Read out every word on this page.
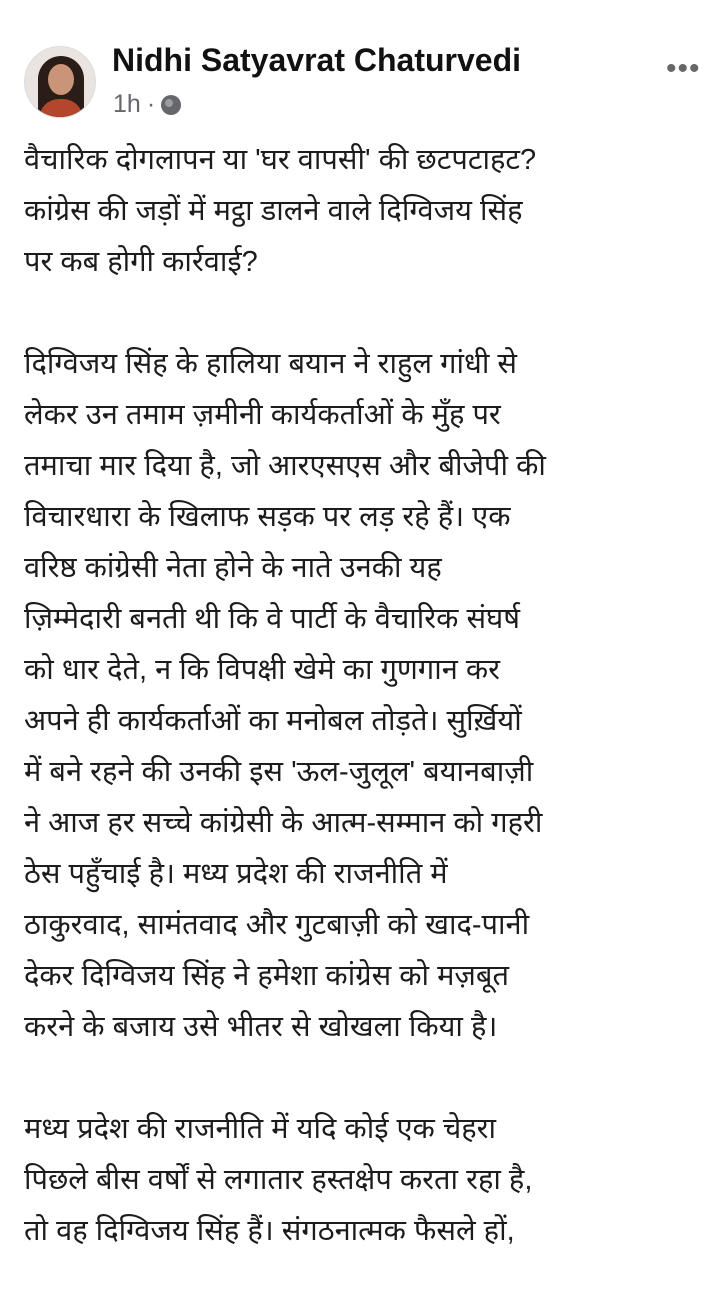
Nidhi Satyavrat Chaturvedi
1h ·
•••
वैचारिक दोगलापन या 'घर वापसी' की छटपटाहट?
कांग्रेस की जड़ों में मट्ठा डालने वाले दिग्विजय सिंह
पर कब होगी कार्रवाई?
दिग्विजय सिंह के हालिया बयान ने राहुल गांधी से
लेकर उन तमाम ज़मीनी कार्यकर्ताओं के मुँह पर
तमाचा मार दिया है, जो आरएसएस और बीजेपी की
विचारधारा के खिलाफ सड़क पर लड़ रहे हैं। एक
वरिष्ठ कांग्रेसी नेता होने के नाते उनकी यह
ज़िम्मेदारी बनती थी कि वे पार्टी के वैचारिक संघर्ष
को धार देते, न कि विपक्षी खेमे का गुणगान कर
अपने ही कार्यकर्ताओं का मनोबल तोड़ते। सुर्ख़ियों
में बने रहने की उनकी इस 'ऊल-जुलूल' बयानबाज़ी
ने आज हर सच्चे कांग्रेसी के आत्म-सम्मान को गहरी
ठेस पहुँचाई है। मध्य प्रदेश की राजनीति में
ठाकुरवाद, सामंतवाद और गुटबाज़ी को खाद-पानी
देकर दिग्विजय सिंह ने हमेशा कांग्रेस को मज़बूत
करने के बजाय उसे भीतर से खोखला किया है।
मध्य प्रदेश की राजनीति में यदि कोई एक चेहरा
पिछले बीस वर्षों से लगातार हस्तक्षेप करता रहा है,
तो वह दिग्विजय सिंह हैं। संगठनात्मक फैसले हों,
